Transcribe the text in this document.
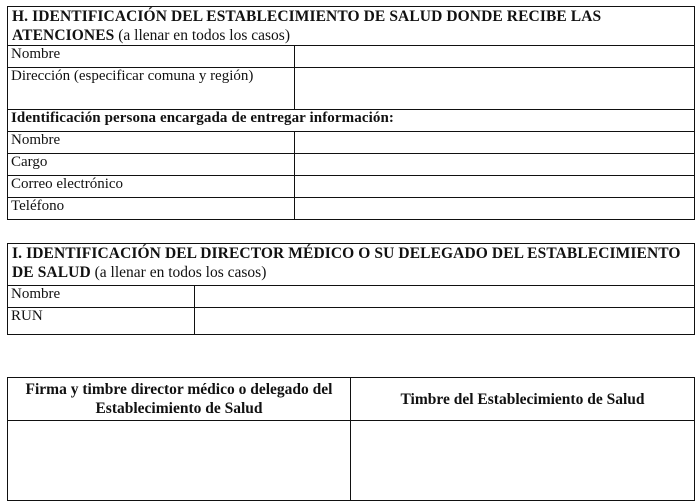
H. IDENTIFICACIÓN DEL ESTABLECIMIENTO DE SALUD DONDE RECIBE LAS ATENCIONES (a llenar en todos los casos)	
Nombre	
Dirección (especificar comuna y región)	
Identificación persona encargada de entregar información:	
Nombre	
Cargo	
Correo electrónico	
Teléfono	
I. IDENTIFICACIÓN DEL DIRECTOR MÉDICO O SU DELEGADO DEL ESTABLECIMIENTO DE SALUD (a llenar en todos los casos)	
Nombre	
RUN	
Firma y timbre director médico o delegado del Establecimiento de Salud	Timbre del Establecimiento de Salud
